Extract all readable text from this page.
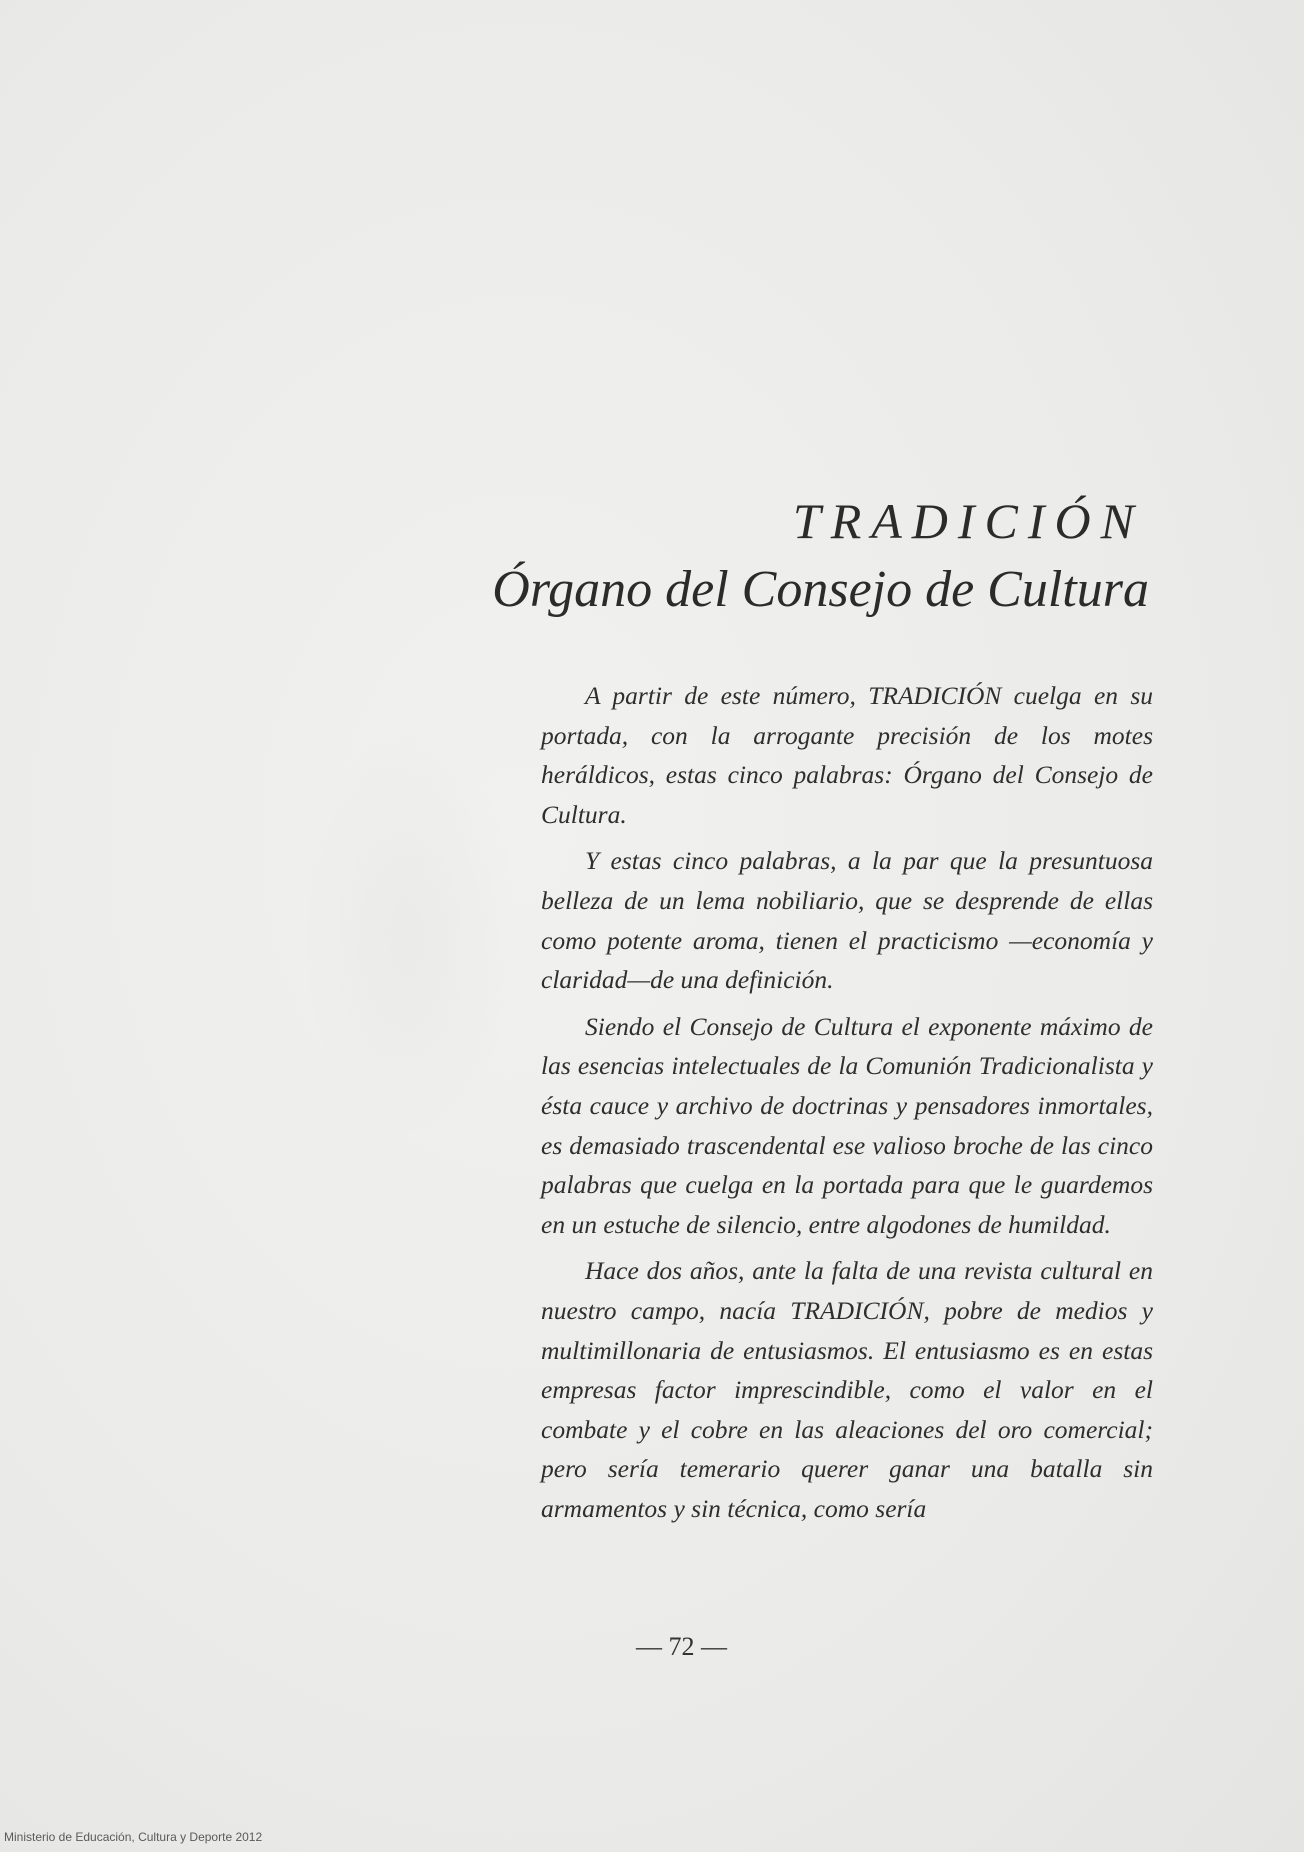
TRADICIÓN
Órgano del Consejo de Cultura

A partir de este número, TRADICIÓN cuelga en su portada, con la arrogante precisión de los motes heráldicos, estas cinco palabras: Órgano del Consejo de Cultura.

Y estas cinco palabras, a la par que la presuntuosa belleza de un lema nobiliario, que se desprende de ellas como potente aroma, tienen el practicismo —economía y claridad—de una definición.

Siendo el Consejo de Cultura el exponente máximo de las esencias intelectuales de la Comunión Tradicionalista y ésta cauce y archivo de doctrinas y pensadores inmortales, es demasiado trascendental ese valioso broche de las cinco palabras que cuelga en la portada para que le guardemos en un estuche de silencio, entre algodones de humildad.

Hace dos años, ante la falta de una revista cultural en nuestro campo, nacía TRADICIÓN, pobre de medios y multimillonaria de entusiasmos. El entusiasmo es en estas empresas factor imprescindible, como el valor en el combate y el cobre en las aleaciones del oro comercial; pero sería temerario querer ganar una batalla sin armamentos y sin técnica, como sería

— 72 —
Ministerio de Educación, Cultura y Deporte 2012
